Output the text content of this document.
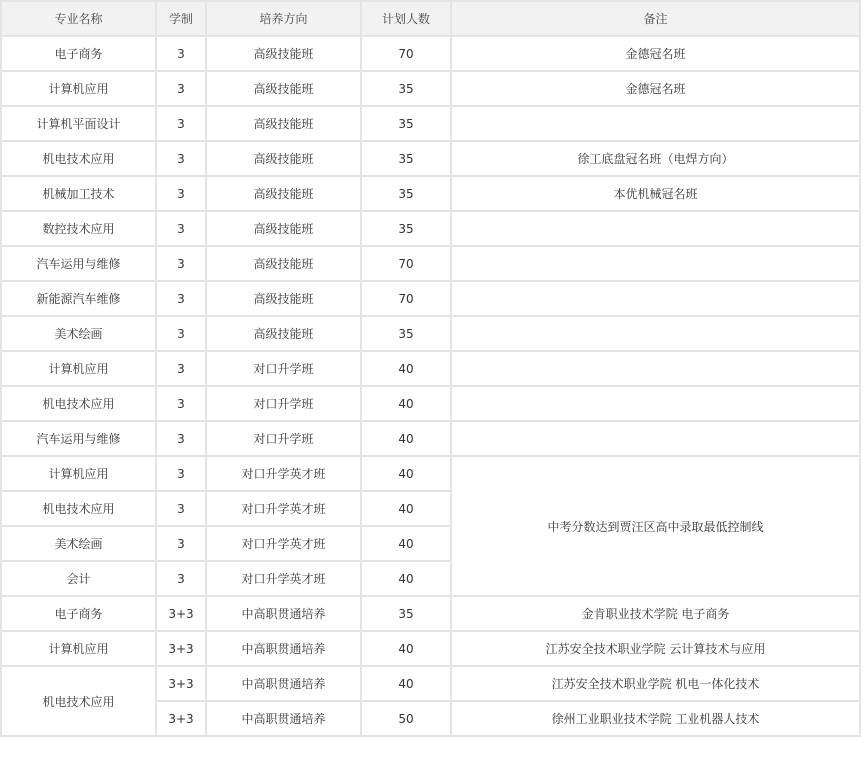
专业名称	学制	培养方向	计划人数	备注
电子商务	3	高级技能班	70	金德冠名班
计算机应用	3	高级技能班	35	金德冠名班
计算机平面设计	3	高级技能班	35	
机电技术应用	3	高级技能班	35	徐工底盘冠名班（电焊方向）
机械加工技术	3	高级技能班	35	本优机械冠名班
数控技术应用	3	高级技能班	35	
汽车运用与维修	3	高级技能班	70	
新能源汽车维修	3	高级技能班	70	
美术绘画	3	高级技能班	35	
计算机应用	3	对口升学班	40	
机电技术应用	3	对口升学班	40	
汽车运用与维修	3	对口升学班	40	
计算机应用	3	对口升学英才班	40	中考分数达到贾汪区高中录取最低控制线
机电技术应用	3	对口升学英才班	40	
美术绘画	3	对口升学英才班	40	
会计	3	对口升学英才班	40	
电子商务	3+3	中高职贯通培养	35	金肯职业技术学院 电子商务
计算机应用	3+3	中高职贯通培养	40	江苏安全技术职业学院 云计算技术与应用
机电技术应用	3+3	中高职贯通培养	40	江苏安全技术职业学院 机电一体化技术
	3+3	中高职贯通培养	50	徐州工业职业技术学院 工业机器人技术
